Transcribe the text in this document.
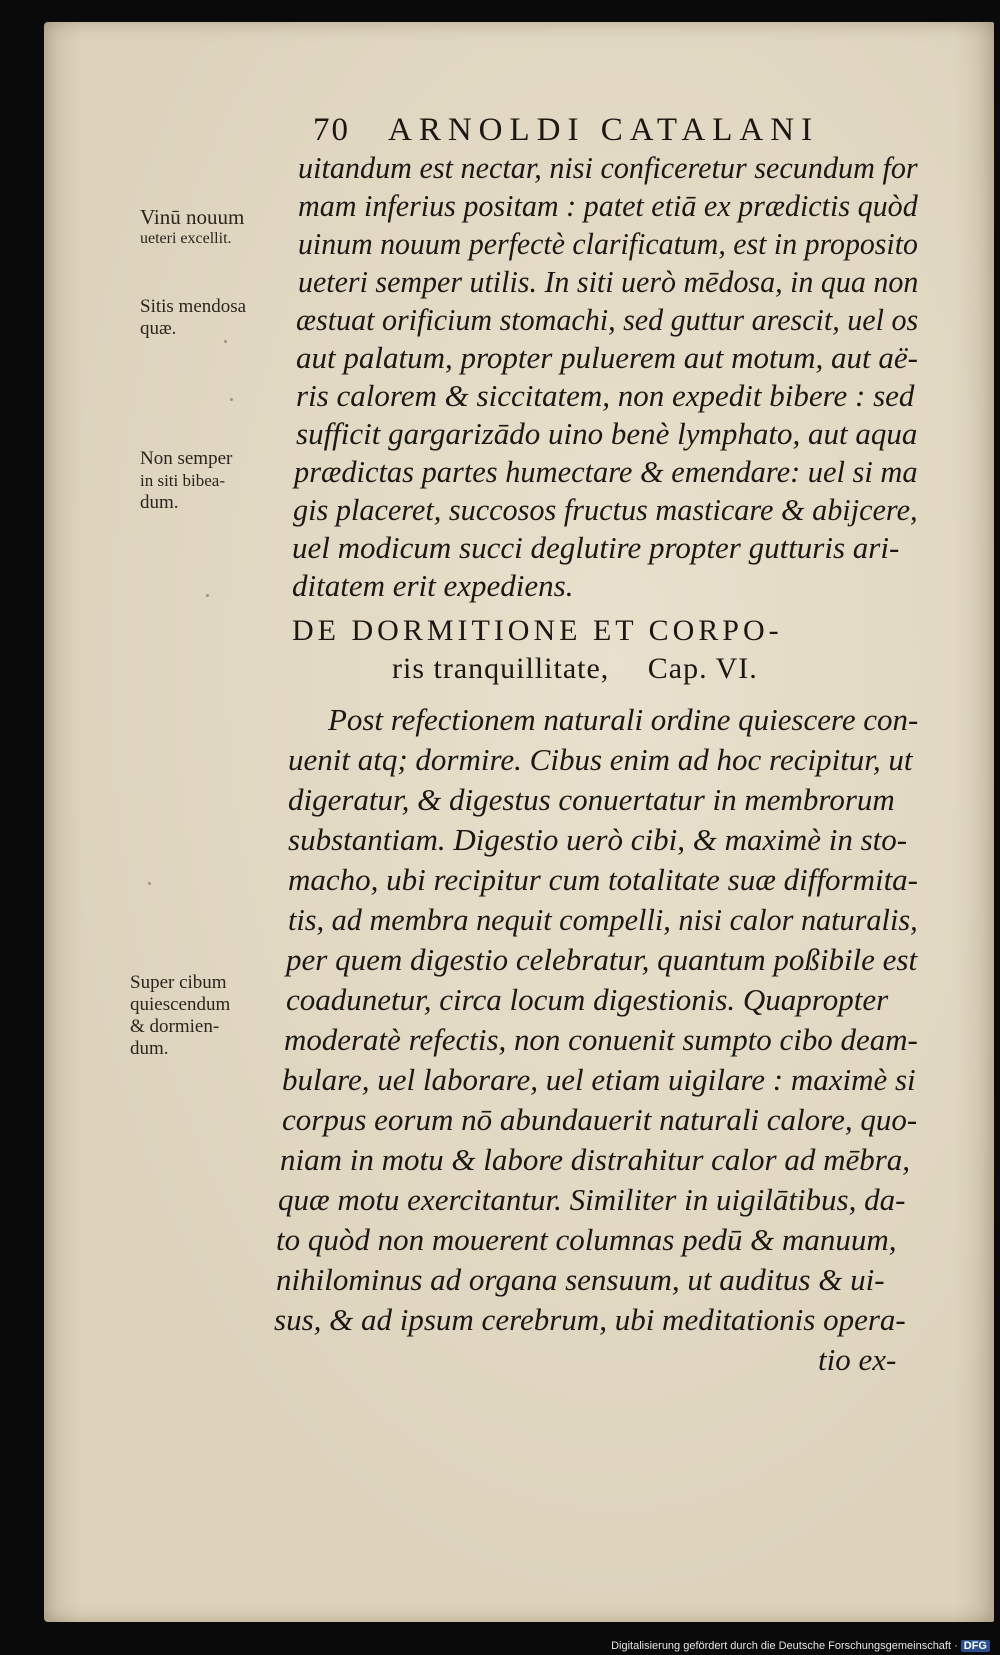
70 ARNOLDI CATALANI
uitandum est nectar, nisi conficeretur secundum for
mam inferius positam : patet etiā ex prædictis quòd
uinum nouum perfectè clarificatum, est in proposito
ueteri semper utilis. In siti uerò mēdosa, in qua non
æstuat orificium stomachi, sed guttur arescit, uel os
aut palatum, propter puluerem aut motum, aut aë-
ris calorem & siccitatem, non expedit bibere : sed
sufficit gargarizādo uino benè lymphato, aut aqua
prædictas partes humectare & emendare: uel si ma
gis placeret, succosos fructus masticare & abijcere,
uel modicum succi deglutire propter gutturis ari-
ditatem erit expediens.
DE DORMITIONE ET CORPO-
ris tranquillitate, Cap. VI.
Post refectionem naturali ordine quiescere con-
uenit atq; dormire. Cibus enim ad hoc recipitur, ut
digeratur, & digestus conuertatur in membrorum
substantiam. Digestio uerò cibi, & maximè in sto-
macho, ubi recipitur cum totalitate suæ difformita-
tis, ad membra nequit compelli, nisi calor naturalis,
per quem digestio celebratur, quantum poßibile est
coadunetur, circa locum digestionis. Quapropter
moderatè refectis, non conuenit sumpto cibo deam-
bulare, uel laborare, uel etiam uigilare : maximè si
corpus eorum nō abundauerit naturali calore, quo-
niam in motu & labore distrahitur calor ad mēbra,
quæ motu exercitantur. Similiter in uigilātibus, da-
to quòd non mouerent columnas pedū & manuum,
nihilominus ad organa sensuum, ut auditus & ui-
sus, & ad ipsum cerebrum, ubi meditationis opera-
tio ex-
Vinū nouum
ueteri excellit.
Sitis mendosa
quæ.
Non semper
in siti bibea-
dum.
Super cibum
quiescendum
& dormien-
dum.
Digitalisierung gefördert durch die Deutsche Forschungsgemeinschaft · DFG
